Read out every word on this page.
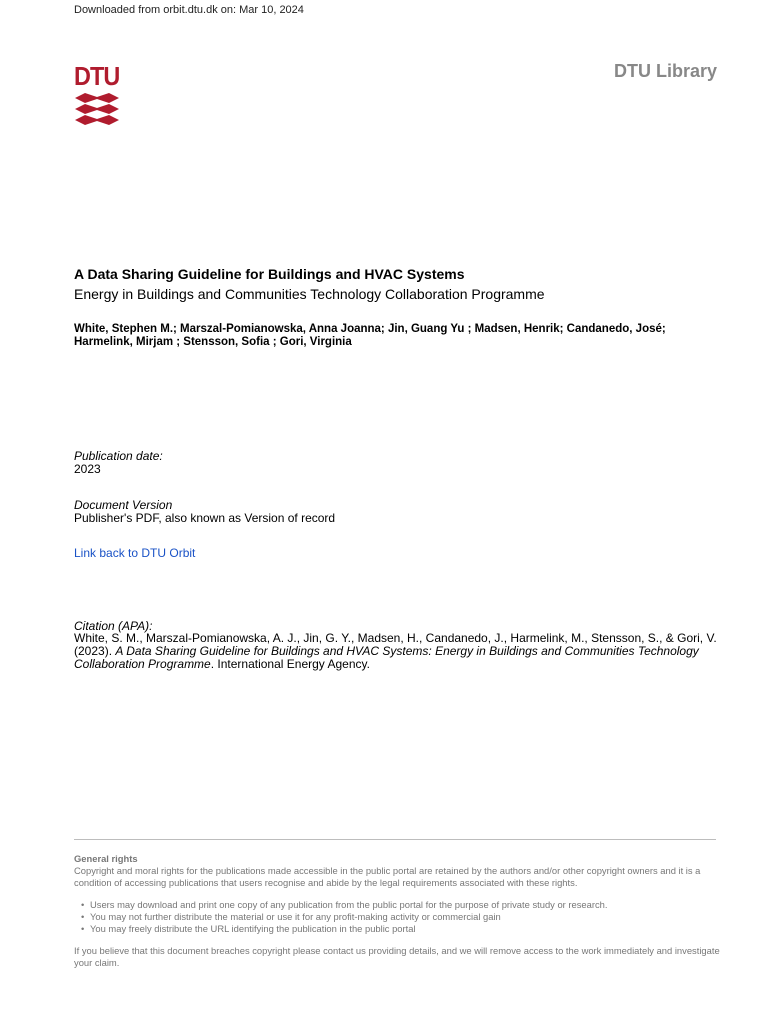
Downloaded from orbit.dtu.dk on: Mar 10, 2024
DTU	DTU Library
A Data Sharing Guideline for Buildings and HVAC Systems
Energy in Buildings and Communities Technology Collaboration Programme
White, Stephen M.; Marszal-Pomianowska, Anna Joanna; Jin, Guang Yu ; Madsen, Henrik; Candanedo, José; Harmelink, Mirjam ; Stensson, Sofia ; Gori, Virginia
Publication date:
2023
Document Version
Publisher's PDF, also known as Version of record
Link back to DTU Orbit
Citation (APA):
White, S. M., Marszal-Pomianowska, A. J., Jin, G. Y., Madsen, H., Candanedo, J., Harmelink, M., Stensson, S., & Gori, V. (2023). A Data Sharing Guideline for Buildings and HVAC Systems: Energy in Buildings and Communities Technology Collaboration Programme. International Energy Agency.
General rights
Copyright and moral rights for the publications made accessible in the public portal are retained by the authors and/or other copyright owners and it is a condition of accessing publications that users recognise and abide by the legal requirements associated with these rights.
• Users may download and print one copy of any publication from the public portal for the purpose of private study or research.
• You may not further distribute the material or use it for any profit-making activity or commercial gain
• You may freely distribute the URL identifying the publication in the public portal
If you believe that this document breaches copyright please contact us providing details, and we will remove access to the work immediately and investigate your claim.
